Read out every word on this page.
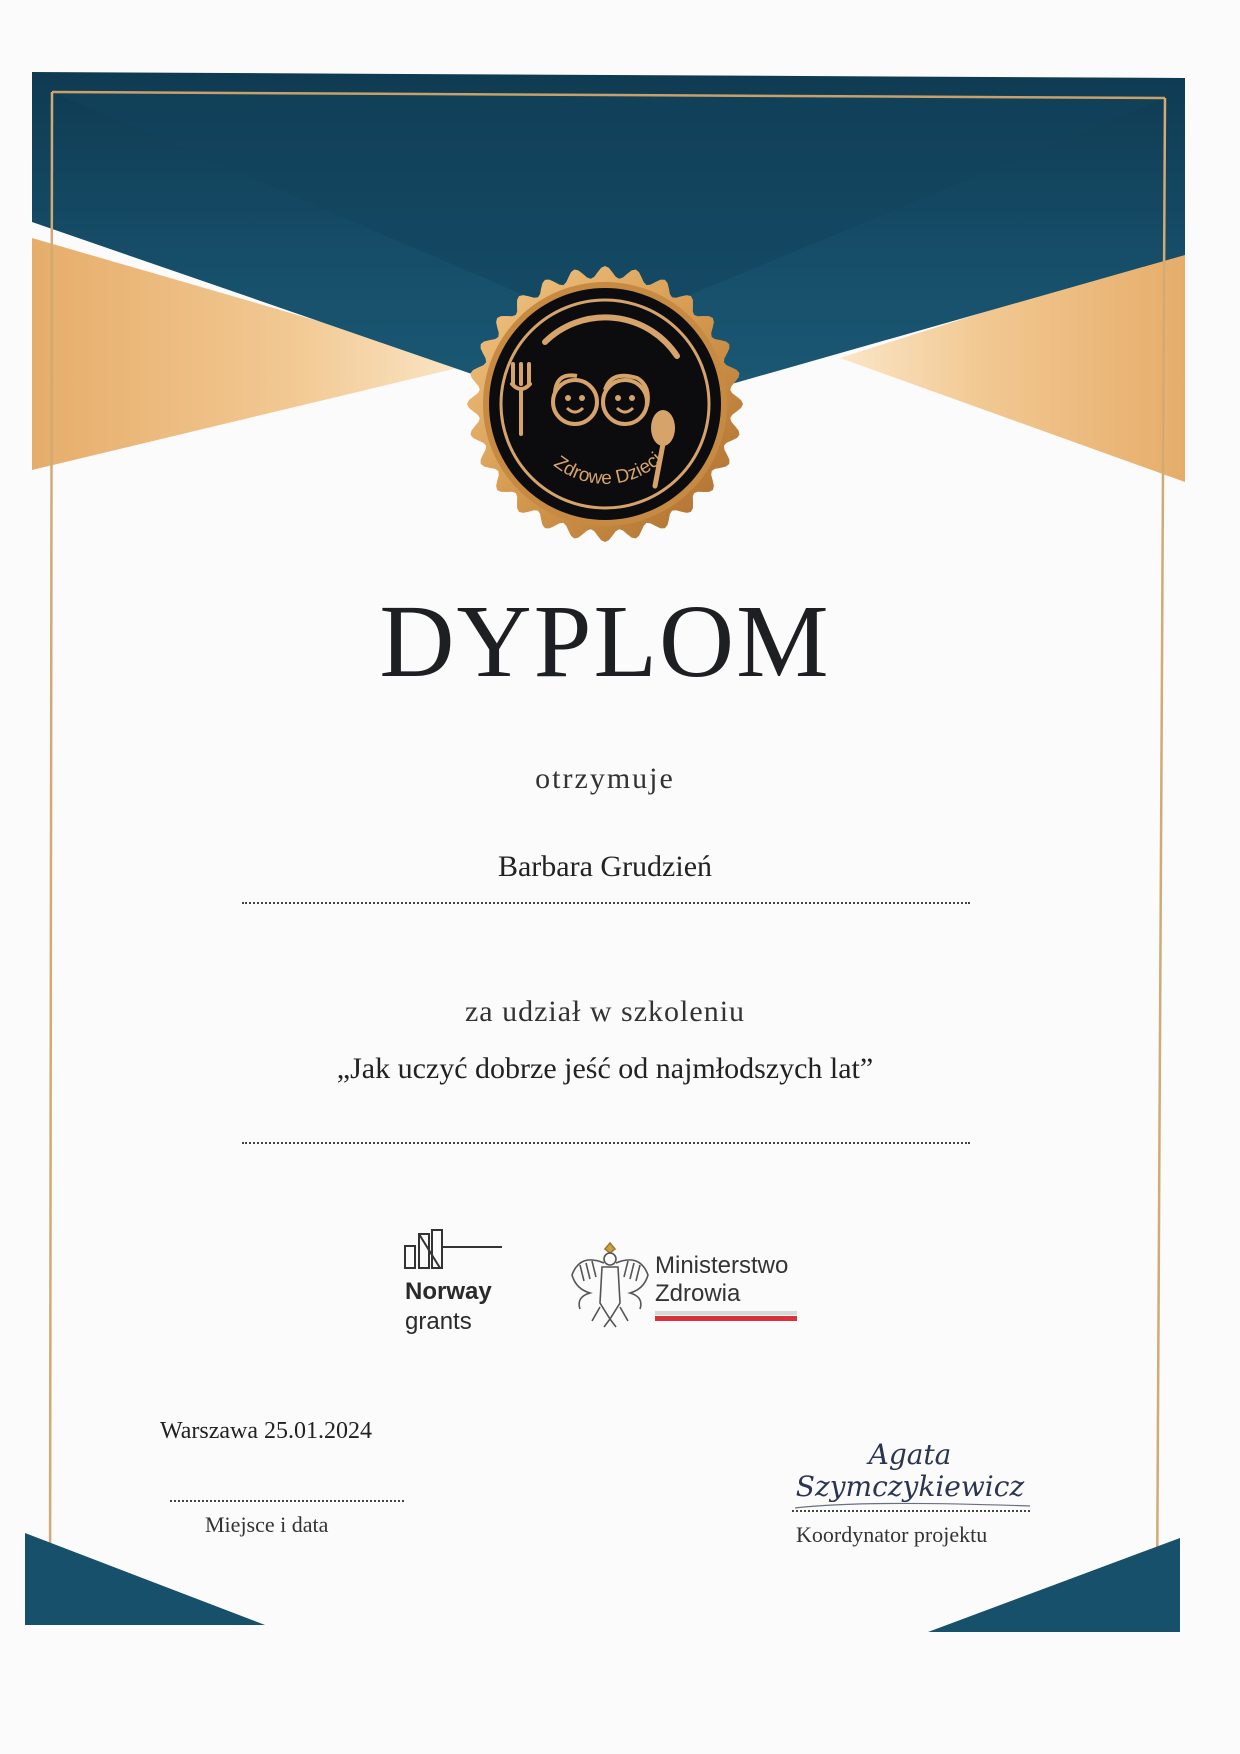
Zdrowe Dzieci
DYPLOM
otrzymuje
Barbara Grudzień
za udział w szkoleniu
„Jak uczyć dobrze jeść od najmłodszych lat”
Norway
grants
Ministerstwo
Zdrowia
Warszawa 25.01.2024
Miejsce i data
Agata
Szymczykiewicz
Koordynator projektu
